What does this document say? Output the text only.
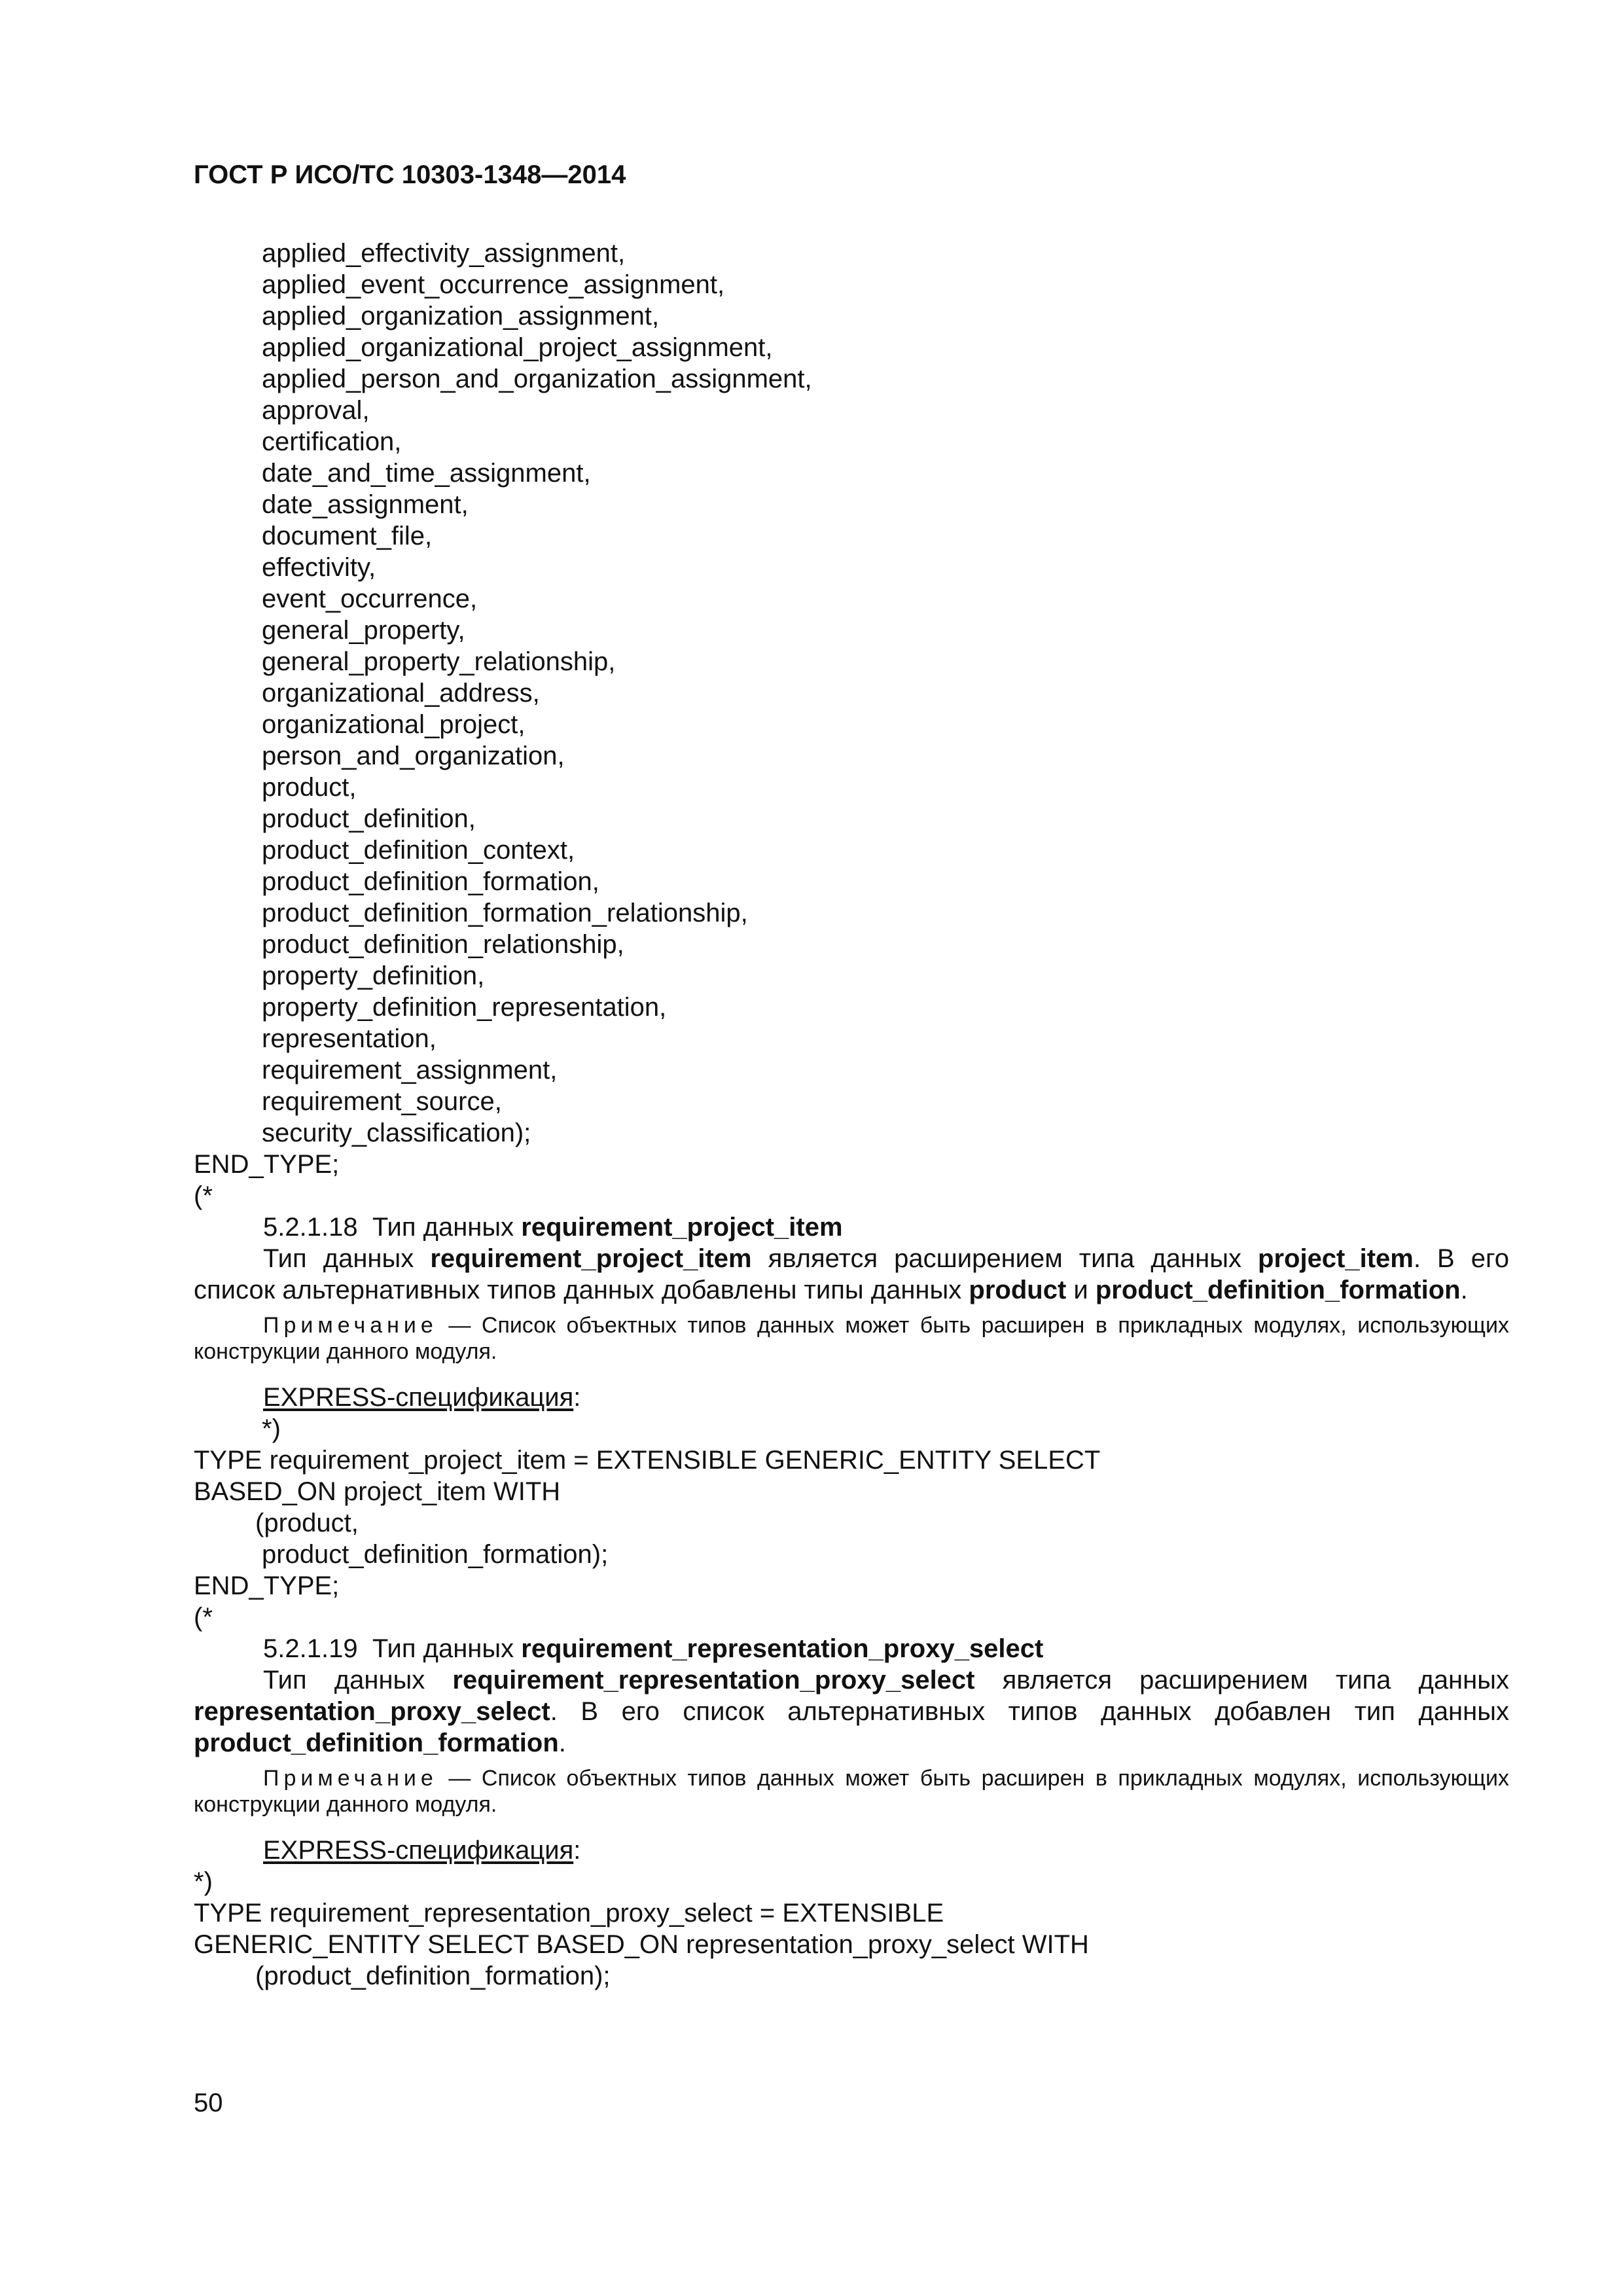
ГОСТ Р ИСО/ТС 10303-1348—2014
applied_effectivity_assignment,
applied_event_occurrence_assignment,
applied_organization_assignment,
applied_organizational_project_assignment,
applied_person_and_organization_assignment,
approval,
certification,
date_and_time_assignment,
date_assignment,
document_file,
effectivity,
event_occurrence,
general_property,
general_property_relationship,
organizational_address,
organizational_project,
person_and_organization,
product,
product_definition,
product_definition_context,
product_definition_formation,
product_definition_formation_relationship,
product_definition_relationship,
property_definition,
property_definition_representation,
representation,
requirement_assignment,
requirement_source,
security_classification);
END_TYPE;
(*
5.2.1.18 Тип данных requirement_project_item
Тип данных requirement_project_item является расширением типа данных project_item. В его список альтернативных типов данных добавлены типы данных product и product_definition_formation.
Примечание — Список объектных типов данных может быть расширен в прикладных модулях, использующих конструкции данного модуля.
EXPRESS-спецификация:
*)
TYPE requirement_project_item = EXTENSIBLE GENERIC_ENTITY SELECT
BASED_ON project_item WITH
(product,
product_definition_formation);
END_TYPE;
(*
5.2.1.19 Тип данных requirement_representation_proxy_select
Тип данных requirement_representation_proxy_select является расширением типа данных representation_proxy_select. В его список альтернативных типов данных добавлен тип данных product_definition_formation.
Примечание — Список объектных типов данных может быть расширен в прикладных модулях, использующих конструкции данного модуля.
EXPRESS-спецификация:
*)
TYPE requirement_representation_proxy_select = EXTENSIBLE
GENERIC_ENTITY SELECT BASED_ON representation_proxy_select WITH
(product_definition_formation);
50
